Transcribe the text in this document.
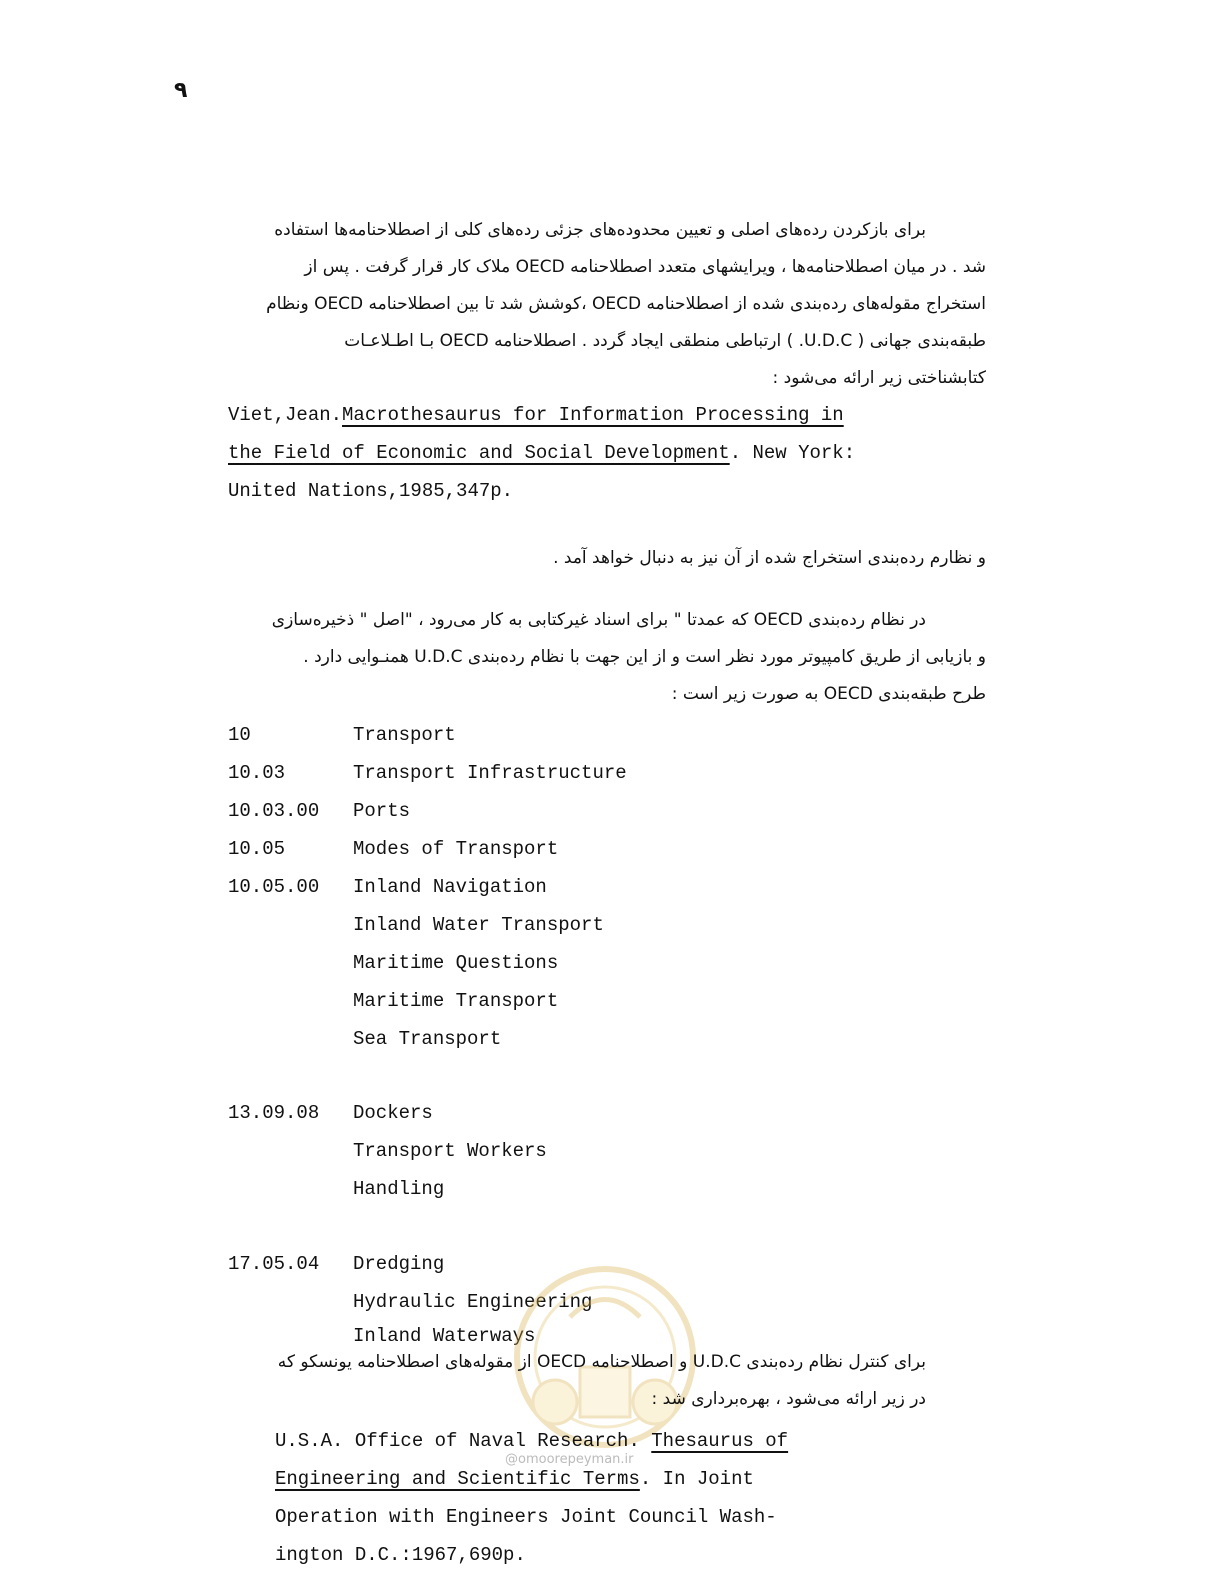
۹
برای بازکردن رده‌های اصلی و تعیین محدوده‌های جزئی رده‌های کلی از اصطلاحنامه‌ها استفاده
شد . در میان اصطلاحنامه‌ها ، ویرایشهای متعدد اصطلاحنامه OECD ملاک کار قرار گرفت . پس از
استخراج مقوله‌های رده‌بندی شده از اصطلاحنامه OECD ،کوشش شد تا بین اصطلاحنامه OECD ونظام
طبقه‌بندی جهانی ( U.D.C. ) ارتباطی منطقی ایجاد گردد . اصطلاحنامه OECD بـا اطـلاعـات
کتابشناختی زیر ارائه می‌شود :
Viet,Jean.Macrothesaurus for Information Processing in
the Field of Economic and Social Development. New York:
United Nations,1985,347p.
و نظارم رده‌بندی استخراج شده از آن نیز به دنبال خواهد آمد .
در نظام رده‌بندی OECD که عمدتا " برای اسناد غیرکتابی به کار می‌رود ، "اصل " ذخیره‌سازی
و بازیابی از طریق کامپیوتر مورد نظر است و از این جهت با نظام رده‌بندی U.D.C همنـوایی دارد .
طرح طبقه‌بندی OECD به صورت زیر است :
10	Transport
10.03	Transport Infrastructure
10.03.00	Ports
10.05	Modes of Transport
10.05.00	Inland Navigation
Inland Water Transport
Maritime Questions
Maritime Transport
Sea Transport
13.09.08	Dockers
Transport Workers
Handling
17.05.04	Dredging
Hydraulic Engineering
Inland Waterways
@omoorepeyman.ir
برای کنترل نظام رده‌بندی U.D.C و اصطلاحنامه OECD از مقوله‌های اصطلاحنامه یونسکو که
در زیر ارائه می‌شود ، بهره‌برداری شد :
U.S.A. Office of Naval Research. Thesaurus of
Engineering and Scientific Terms. In Joint
Operation with Engineers Joint Council Wash-
ington D.C.:1967,690p.
